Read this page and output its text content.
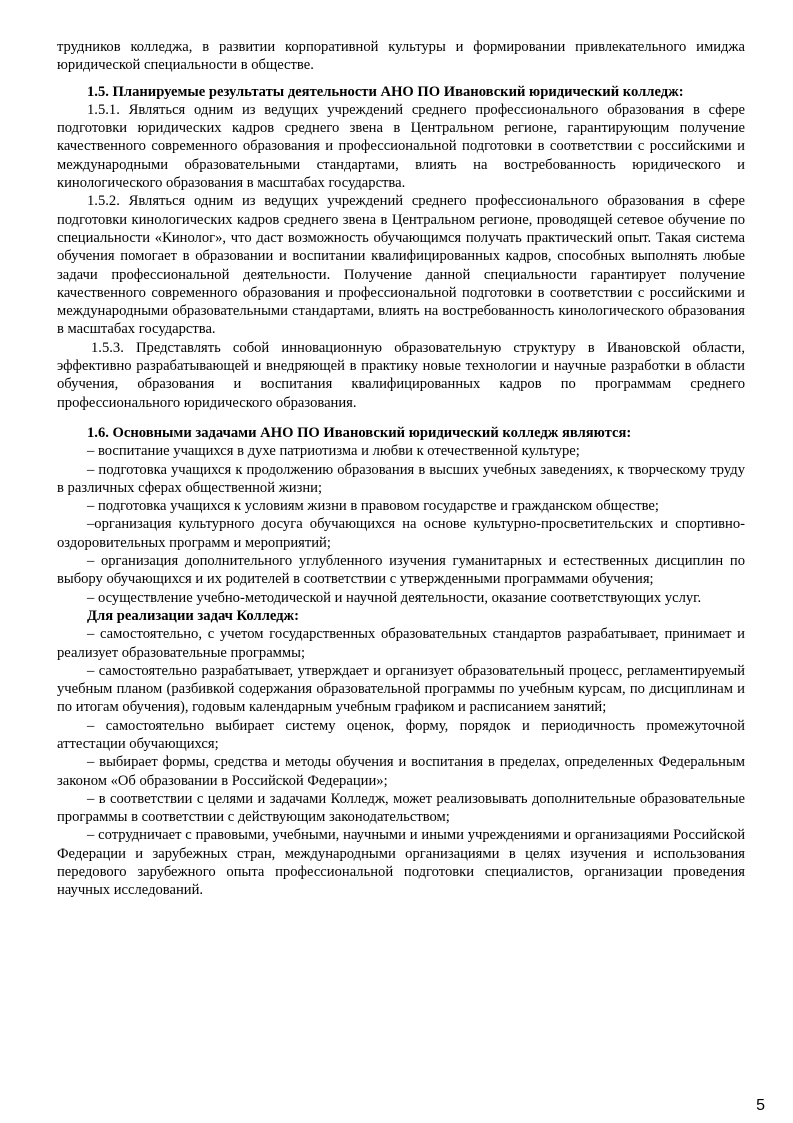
трудников колледжа, в развитии корпоративной культуры и формировании привлекательного имиджа юридической специальности в обществе.

1.5. Планируемые результаты деятельности АНО ПО Ивановский юридический колледж:

1.5.1. Являться одним из ведущих учреждений среднего профессионального образования в сфере подготовки юридических кадров среднего звена в Центральном регионе, гарантирующим получение качественного современного образования и профессиональной подготовки в соответствии с российскими и международными образовательными стандартами, влиять на востребованность юридического и кинологического образования в масштабах государства.

1.5.2. Являться одним из ведущих учреждений среднего профессионального образования в сфере подготовки кинологических кадров среднего звена в Центральном регионе, проводящей сетевое обучение по специальности «Кинолог», что даст возможность обучающимся получать практический опыт. Такая система обучения помогает в образовании и воспитании квалифицированных кадров, способных выполнять любые задачи профессиональной деятельности. Получение данной специальности гарантирует получение качественного современного образования и профессиональной подготовки в соответствии с российскими и международными образовательными стандартами, влиять на востребованность кинологического образования в масштабах государства.

1.5.3. Представлять собой инновационную образовательную структуру в Ивановской области, эффективно разрабатывающей и внедряющей в практику новые технологии и научные разработки в области обучения, образования и воспитания квалифицированных кадров по программам среднего профессионального юридического образования.

1.6. Основными задачами АНО ПО Ивановский юридический колледж являются:

– воспитание учащихся в духе патриотизма и любви к отечественной культуре;

– подготовка учащихся к продолжению образования в высших учебных заведениях, к творческому труду в различных сферах общественной жизни;

– подготовка учащихся к условиям жизни в правовом государстве и гражданском обществе;

–организация культурного досуга обучающихся на основе культурно-просветительских и спортивно-оздоровительных программ и мероприятий;

– организация дополнительного углубленного изучения гуманитарных и естественных дисциплин по выбору обучающихся и их родителей в соответствии с утвержденными программами обучения;

– осуществление учебно-методической и научной деятельности, оказание соответствующих услуг.

Для реализации задач Колледж:

– самостоятельно, с учетом государственных образовательных стандартов разрабатывает, принимает и реализует образовательные программы;

– самостоятельно разрабатывает, утверждает и организует образовательный процесс, регламентируемый учебным планом (разбивкой содержания образовательной программы по учебным курсам, по дисциплинам и по итогам обучения), годовым календарным учебным графиком и расписанием занятий;

– самостоятельно выбирает систему оценок, форму, порядок и периодичность промежуточной аттестации обучающихся;

– выбирает формы, средства и методы обучения и воспитания в пределах, определенных Федеральным законом «Об образовании в Российской Федерации»;

– в соответствии с целями и задачами Колледж, может реализовывать дополнительные образовательные программы в соответствии с действующим законодательством;

– сотрудничает с правовыми, учебными, научными и иными учреждениями и организациями Российской Федерации и зарубежных стран, международными организациями в целях изучения и использования передового зарубежного опыта профессиональной подготовки специалистов, организации проведения научных исследований.

5
